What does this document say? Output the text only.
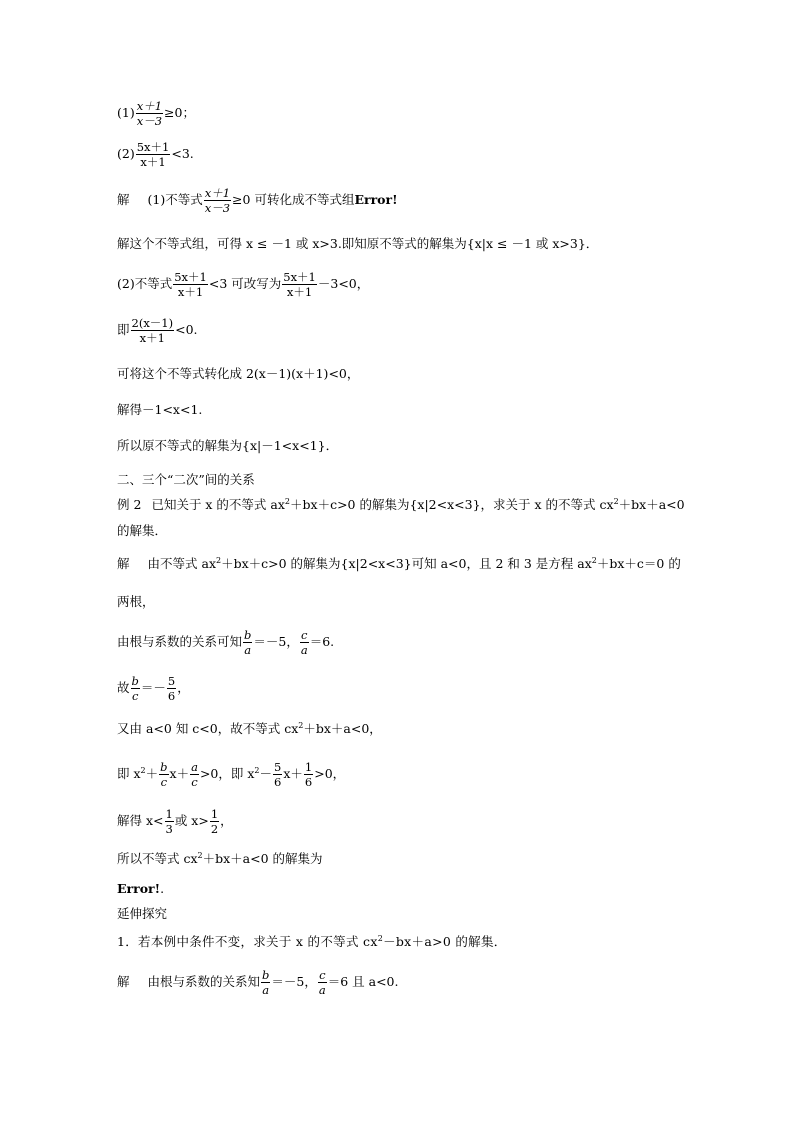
$(1) \frac{x+1}{x-3} \ge 0$；
$(2) \frac{5x+1}{x+1} <3$.
解 (1)不等式 $\frac{x+1}{x-3} \ge 0$ 可转化成不等式组Error!
解这个不等式组，可得 x ≤ －1 或 x>3.即知原不等式的解集为{x|x ≤ －1 或 x>3}．
(2)不等式 $\frac{5x+1}{x+1} <3$ 可改写为 $\frac{5x+1}{x+1} -3<0$，
即 $\frac{2(x-1)}{x+1} <0$.
可将这个不等式转化成 2(x－1)(x＋1)<0，
解得－1<x<1.
所以原不等式的解集为{x|－1<x<1}．
二、三个“二次”间的关系
例 2 已知关于 x 的不等式 $ax^2+bx+c>0$ 的解集为{x|2<x<3}，求关于 x 的不等式 $cx^2+bx+a<0$
的解集．
解 由不等式 $ax^2+bx+c>0$ 的解集为{x|2<x<3}可知 a<0，且 2 和 3 是方程 $ax^2+bx+c=0$ 的
两根，
由根与系数的关系可知 $\frac{b}{a} =-5$， $\frac{c}{a} =6$.
故 $\frac{b}{c} =- \frac{5}{6}$ ，
又由 a<0 知 c<0，故不等式 $cx^2+bx+a<0$，
即 $x^2+ \frac{b}{c} x+ \frac{a}{c} >0$，即 $x^2- \frac{5}{6} x+ \frac{1}{6} >0$，
解得 $x< \frac{1}{3}$ 或 $x> \frac{1}{2}$ ，
所以不等式 $cx^2+bx+a<0$ 的解集为
Error!.
延伸探究
1．若本例中条件不变，求关于 x 的不等式 $cx^2-bx+a>0$ 的解集．
解 由根与系数的关系知 $\frac{b}{a} =-5$， $\frac{c}{a} =6$ 且 a<0.
